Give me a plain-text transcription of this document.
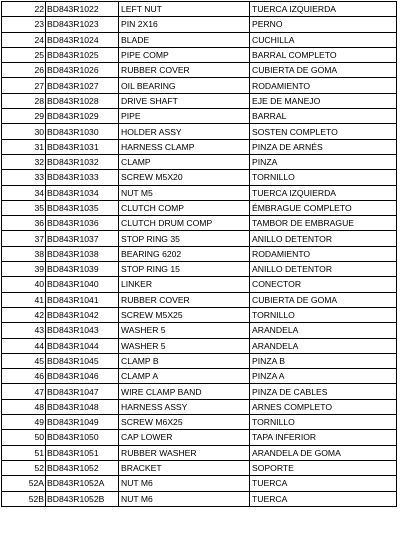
22	BD843R1022	LEFT NUT	TUERCA IZQUIERDA
23	BD843R1023	PIN 2X16	PERNO
24	BD843R1024	BLADE	CUCHILLA
25	BD843R1025	PIPE COMP	BARRAL COMPLETO
26	BD843R1026	RUBBER COVER	CUBIERTA DE GOMA
27	BD843R1027	OIL BEARING	RODAMIENTO
28	BD843R1028	DRIVE SHAFT	EJE DE MANEJO
29	BD843R1029	PIPE	BARRAL
30	BD843R1030	HOLDER ASSY	SOSTEN COMPLETO
31	BD843R1031	HARNESS CLAMP	PINZA DE ARNÉS
32	BD843R1032	CLAMP	PINZA
33	BD843R1033	SCREW M5X20	TORNILLO
34	BD843R1034	NUT M5	TUERCA IZQUIERDA
35	BD843R1035	CLUTCH COMP	ÉMBRAGUE COMPLETO
36	BD843R1036	CLUTCH DRUM COMP	TAMBOR DE EMBRAGUE
37	BD843R1037	STOP RING 35	ANILLO DETENTOR
38	BD843R1038	BEARING 6202	RODAMIENTO
39	BD843R1039	STOP RING 15	ANILLO DETENTOR
40	BD843R1040	LINKER	CONECTOR
41	BD843R1041	RUBBER COVER	CUBIERTA DE GOMA
42	BD843R1042	SCREW M5X25	TORNILLO
43	BD843R1043	WASHER 5	ARANDELA
44	BD843R1044	WASHER 5	ARANDELA
45	BD843R1045	CLAMP B	PINZA B
46	BD843R1046	CLAMP A	PINZA A
47	BD843R1047	WIRE CLAMP BAND	PINZA DE CABLES
48	BD843R1048	HARNESS ASSY	ARNES COMPLETO
49	BD843R1049	SCREW M6X25	TORNILLO
50	BD843R1050	CAP LOWER	TAPA INFERIOR
51	BD843R1051	RUBBER WASHER	ARANDELA DE GOMA
52	BD843R1052	BRACKET	SOPORTE
52A	BD843R1052A	NUT M6	TUERCA
52B	BD843R1052B	NUT M6	TUERCA
